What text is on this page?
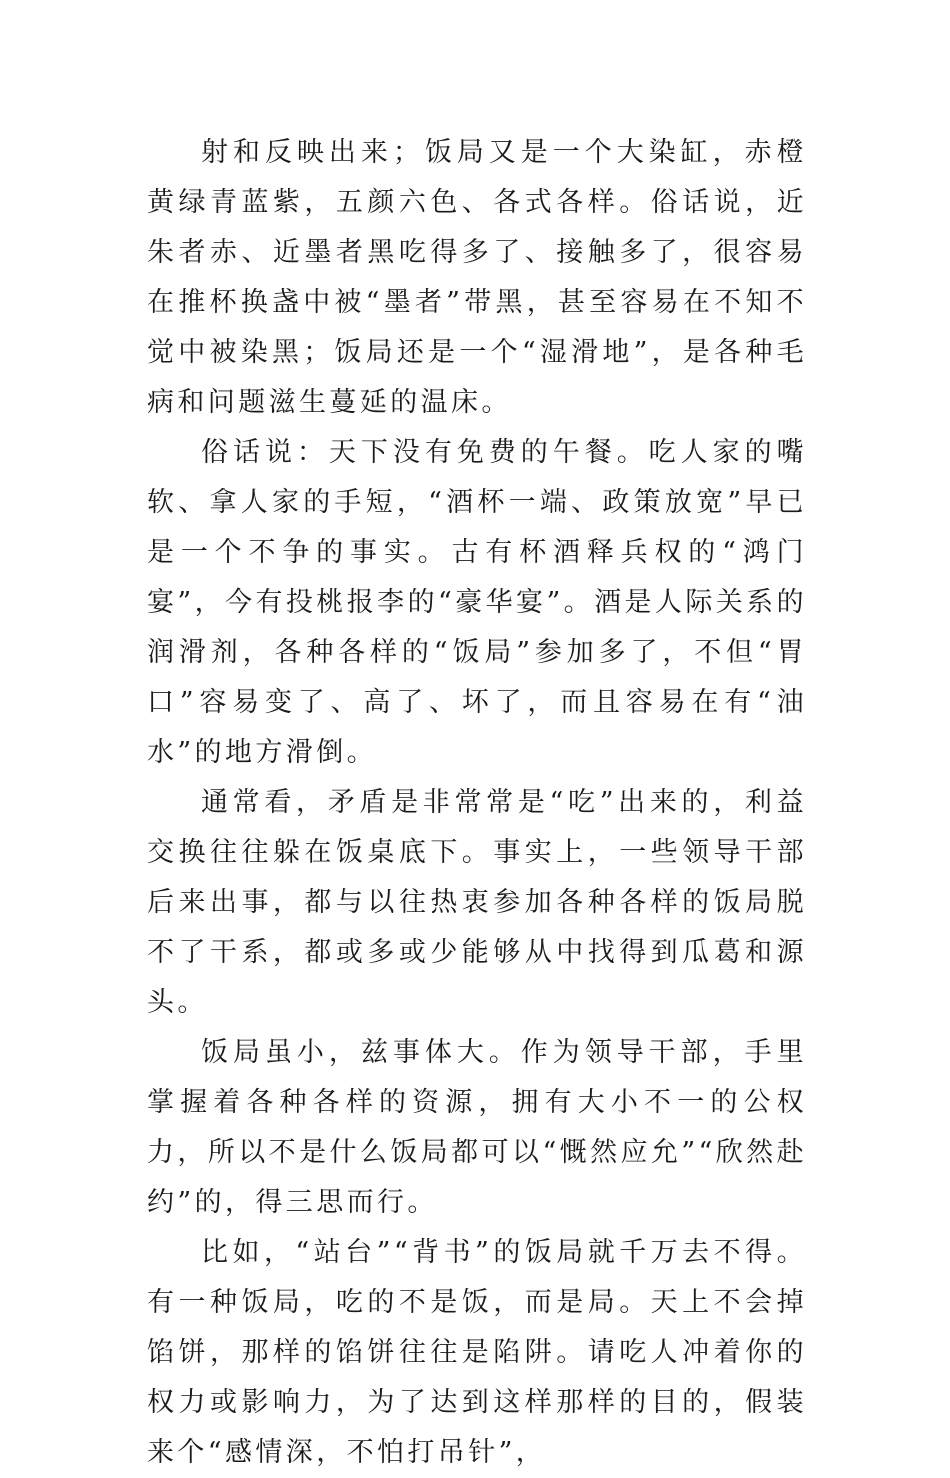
射和反映出来；饭局又是一个大染缸，赤橙黄绿青蓝紫，五颜六色、各式各样。俗话说，近朱者赤、近墨者黑吃得多了、接触多了，很容易在推杯换盏中被“墨者”带黑，甚至容易在不知不觉中被染黑；饭局还是一个“湿滑地”，是各种毛病和问题滋生蔓延的温床。

俗话说：天下没有免费的午餐。吃人家的嘴软、拿人家的手短，“酒杯一端、政策放宽”早已是一个不争的事实。古有杯酒释兵权的“鸿门宴”，今有投桃报李的“豪华宴”。酒是人际关系的润滑剂，各种各样的“饭局”参加多了，不但“胃口”容易变了、高了、坏了，而且容易在有“油水”的地方滑倒。

通常看，矛盾是非常常是“吃”出来的，利益交换往往躲在饭桌底下。事实上，一些领导干部后来出事，都与以往热衷参加各种各样的饭局脱不了干系，都或多或少能够从中找得到瓜葛和源头。

饭局虽小，兹事体大。作为领导干部，手里掌握着各种各样的资源，拥有大小不一的公权力，所以不是什么饭局都可以“慨然应允”“欣然赴约”的，得三思而行。

比如，“站台”“背书”的饭局就千万去不得。有一种饭局，吃的不是饭，而是局。天上不会掉馅饼，那样的馅饼往往是陷阱。请吃人冲着你的权力或影响力，为了达到这样那样的目的，假装来个“感情深，不怕打吊针”，
